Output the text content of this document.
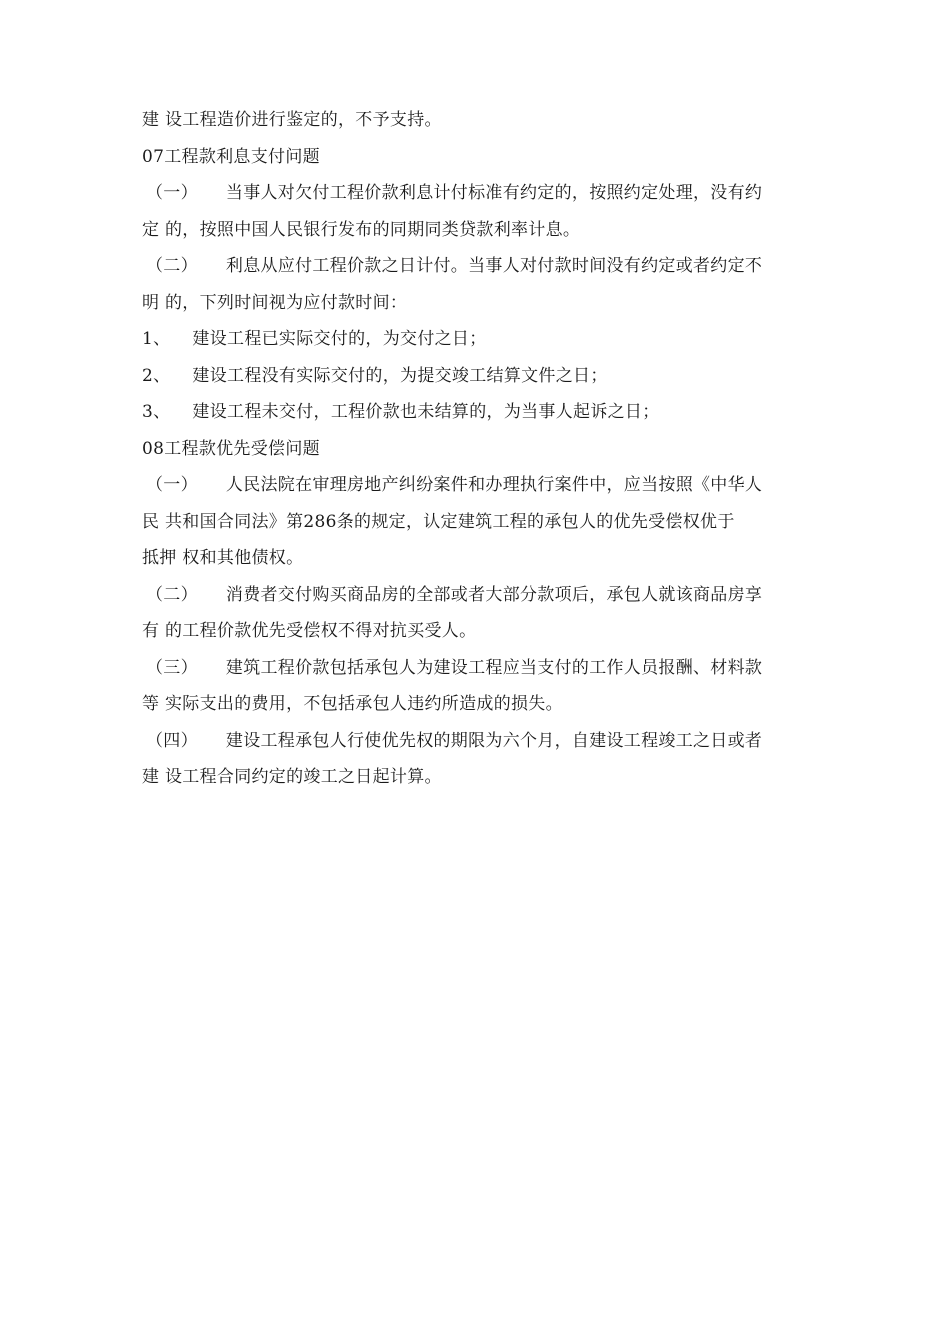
建 设工程造价进行鉴定的，不予支持。
07工程款利息支付问题
（一） 当事人对欠付工程价款利息计付标准有约定的，按照约定处理，没有约
定 的，按照中国人民银行发布的同期同类贷款利率计息。
（二） 利息从应付工程价款之日计付。当事人对付款时间没有约定或者约定不
明 的，下列时间视为应付款时间：
1、 建设工程已实际交付的，为交付之日；
2、 建设工程没有实际交付的，为提交竣工结算文件之日；
3、 建设工程未交付，工程价款也未结算的，为当事人起诉之日；
08工程款优先受偿问题
（一） 人民法院在审理房地产纠纷案件和办理执行案件中，应当按照《中华人
民 共和国合同法》第286条的规定，认定建筑工程的承包人的优先受偿权优于
抵押 权和其他债权。
（二） 消费者交付购买商品房的全部或者大部分款项后，承包人就该商品房享
有 的工程价款优先受偿权不得对抗买受人。
（三） 建筑工程价款包括承包人为建设工程应当支付的工作人员报酬、材料款
等 实际支出的费用，不包括承包人违约所造成的损失。
（四） 建设工程承包人行使优先权的期限为六个月，自建设工程竣工之日或者
建 设工程合同约定的竣工之日起计算。
